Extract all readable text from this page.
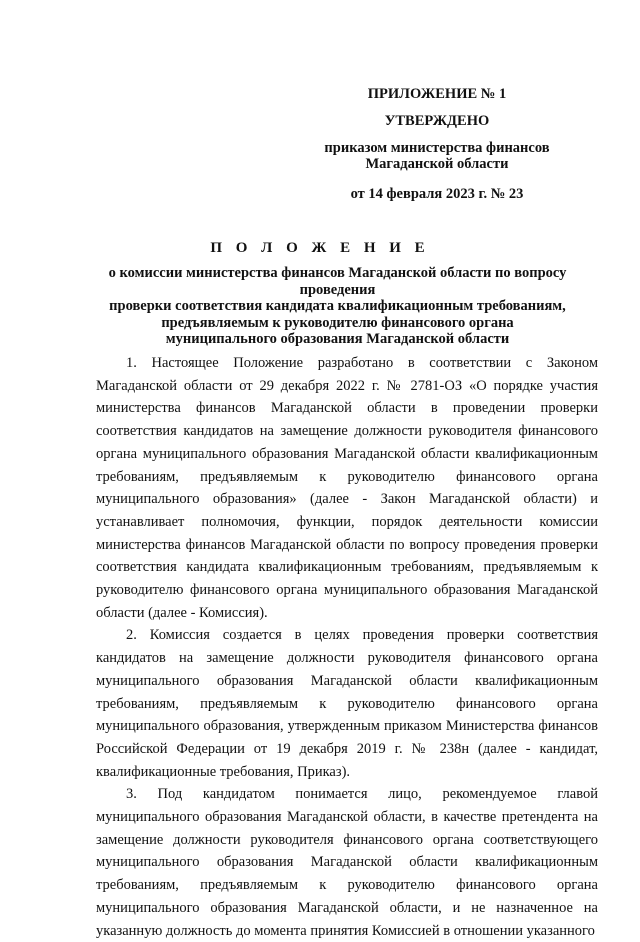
ПРИЛОЖЕНИЕ № 1
УТВЕРЖДЕНО
приказом министерства финансов
Магаданской области
от 14 февраля 2023 г. № 23
П О Л О Ж Е Н И Е
о комиссии министерства финансов Магаданской области по вопросу проведения
проверки соответствия кандидата квалификационным требованиям,
предъявляемым к руководителю финансового органа
муниципального образования Магаданской области

1. Настоящее Положение разработано в соответствии с Законом Магаданской области от 29 декабря 2022 г. № 2781-ОЗ «О порядке участия министерства финансов Магаданской области в проведении проверки соответствия кандидатов на замещение должности руководителя финансового органа муниципального образования Магаданской области квалификационным требованиям, предъявляемым к руководителю финансового органа муниципального образования» (далее - Закон Магаданской области) и устанавливает полномочия, функции, порядок деятельности комиссии министерства финансов Магаданской области по вопросу проведения проверки соответствия кандидата квалификационным требованиям, предъявляемым к руководителю финансового органа муниципального образования Магаданской области (далее - Комиссия).

2. Комиссия создается в целях проведения проверки соответствия кандидатов на замещение должности руководителя финансового органа муниципального образования Магаданской области квалификационным требованиям, предъявляемым к руководителю финансового органа муниципального образования, утвержденным приказом Министерства финансов Российской Федерации от 19 декабря 2019 г. № 238н (далее - кандидат, квалификационные требования, Приказ).

3. Под кандидатом понимается лицо, рекомендуемое главой муниципального образования Магаданской области, в качестве претендента на замещение должности руководителя финансового органа соответствующего муниципального образования Магаданской области квалификационным требованиям, предъявляемым к руководителю финансового органа муниципального образования Магаданской области, и не назначенное на указанную должность до момента принятия Комиссией в отношении указанного
